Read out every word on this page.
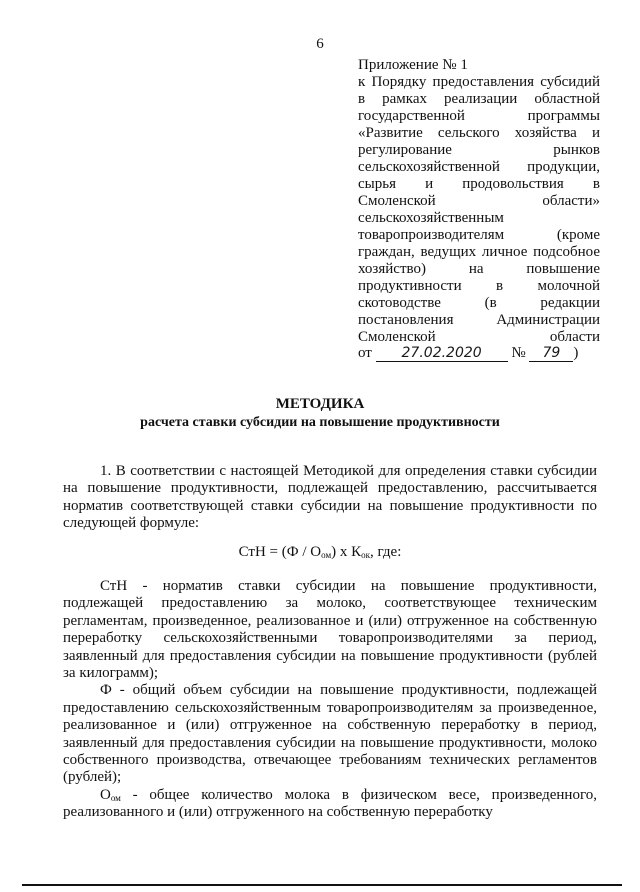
6
Приложение № 1
к Порядку предоставления субсидий
в рамках реализации областной
государственной программы
«Развитие сельского хозяйства и
регулирование рынков
сельскохозяйственной продукции,
сырья и продовольствия в
Смоленской области»
сельскохозяйственным
товаропроизводителям (кроме
граждан, ведущих личное подсобное
хозяйство) на повышение
продуктивности в молочной
скотоводстве (в редакции
постановления Администрации
Смоленской области
от 27.02.2020 № 79 )
МЕТОДИКА
расчета ставки субсидии на повышение продуктивности
1. В соответствии с настоящей Методикой для определения ставки субсидии на повышение продуктивности, подлежащей предоставлению, рассчитывается норматив соответствующей ставки субсидии на повышение продуктивности по следующей формуле:
СтН = $(Ф / О_{ом})$ х $К_{ок}$, где:

СтН - норматив ставки субсидии на повышение продуктивности, подлежащей предоставлению за молоко, соответствующее техническим регламентам, произведенное, реализованное и (или) отгруженное на собственную переработку сельскохозяйственными товаропроизводителями за период, заявленный для предоставления субсидии на повышение продуктивности (рублей за килограмм);

Ф - общий объем субсидии на повышение продуктивности, подлежащей предоставлению сельскохозяйственным товаропроизводителям за произведенное, реализованное и (или) отгруженное на собственную переработку в период, заявленный для предоставления субсидии на повышение продуктивности, молоко собственного производства, отвечающее требованиям технических регламентов (рублей);

$О_{ом}$ - общее количество молока в физическом весе, произведенного, реализованного и (или) отгруженного на собственную переработку
